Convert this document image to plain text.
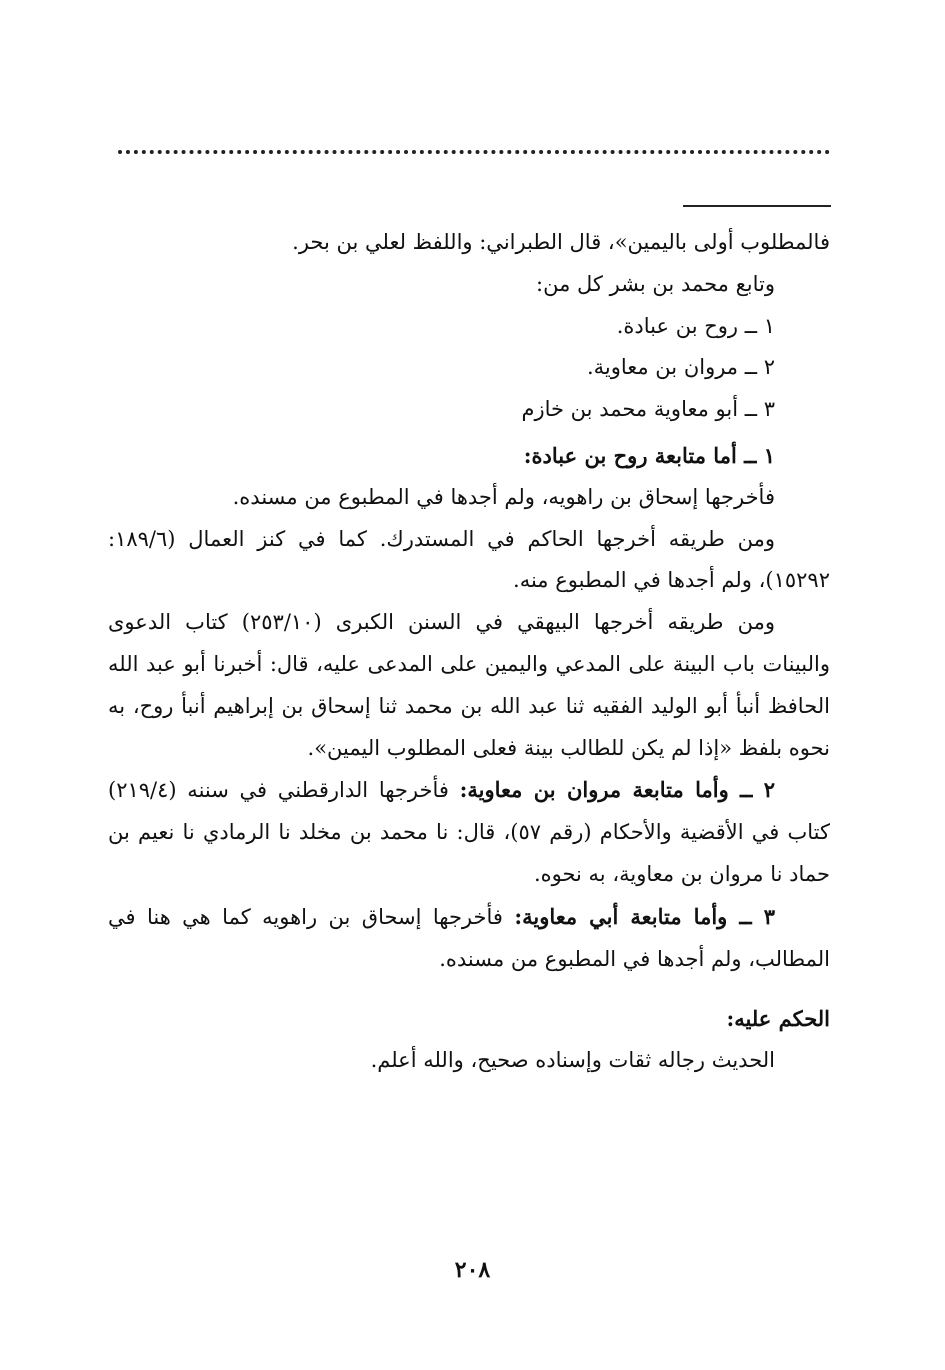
فالمطلوب أولى باليمين»، قال الطبراني: واللفظ لعلي بن بحر.

وتابع محمد بن بشر كل من:

١ ــ روح بن عبادة.

٢ ــ مروان بن معاوية.

٣ ــ أبو معاوية محمد بن خازم

١ ــ أما متابعة روح بن عبادة:

فأخرجها إسحاق بن راهويه، ولم أجدها في المطبوع من مسنده.

ومن طريقه أخرجها الحاكم في المستدرك. كما في كنز العمال (١٨٩/٦: ١٥٢٩٢)، ولم أجدها في المطبوع منه.

ومن طريقه أخرجها البيهقي في السنن الكبرى (٢٥٣/١٠) كتاب الدعوى والبينات باب البينة على المدعي واليمين على المدعى عليه، قال: أخبرنا أبو عبد الله الحافظ أنبأ أبو الوليد الفقيه ثنا عبد الله بن محمد ثنا إسحاق بن إبراهيم أنبأ روح، به نحوه بلفظ «إذا لم يكن للطالب بينة فعلى المطلوب اليمين».

٢ ــ وأما متابعة مروان بن معاوية: فأخرجها الدارقطني في سننه (٢١٩/٤) كتاب في الأقضية والأحكام (رقم ٥٧)، قال: نا محمد بن مخلد نا الرمادي نا نعيم بن حماد نا مروان بن معاوية، به نحوه.

٣ ــ وأما متابعة أبي معاوية: فأخرجها إسحاق بن راهويه كما هي هنا في المطالب، ولم أجدها في المطبوع من مسنده.

الحكم عليه:

الحديث رجاله ثقات وإسناده صحيح، والله أعلم.

٢٠٨
